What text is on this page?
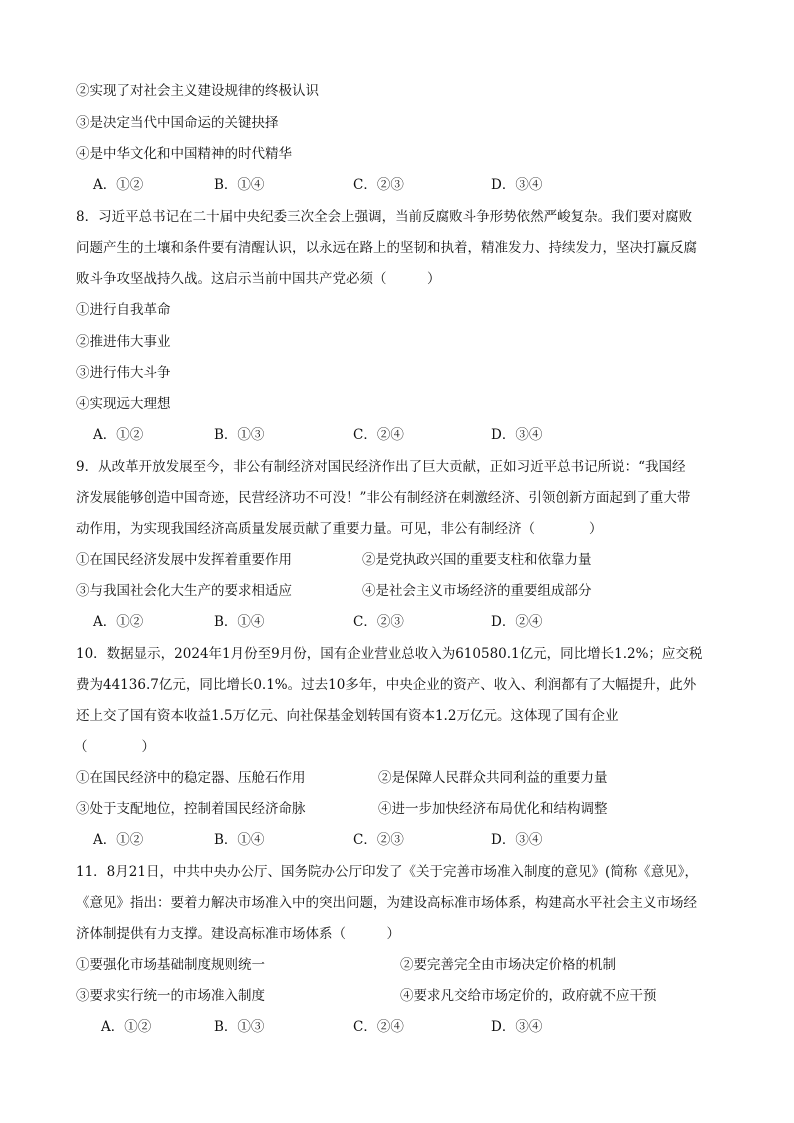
②实现了对社会主义建设规律的终极认识
③是决定当代中国命运的关键抉择
④是中华文化和中国精神的时代精华
A．①②	B．①④	C．②③	D．③④
8．习近平总书记在二十届中央纪委三次全会上强调，当前反腐败斗争形势依然严峻复杂。我们要对腐败
问题产生的土壤和条件要有清醒认识，以永远在路上的坚韧和执着，精准发力、持续发力，坚决打赢反腐
败斗争攻坚战持久战。这启示当前中国共产党必须（　　　）
①进行自我革命
②推进伟大事业
③进行伟大斗争
④实现远大理想
A．①②	B．①③	C．②④	D．③④
9．从改革开放发展至今，非公有制经济对国民经济作出了巨大贡献，正如习近平总书记所说：“我国经
济发展能够创造中国奇迹，民营经济功不可没！”非公有制经济在刺激经济、引领创新方面起到了重大带
动作用，为实现我国经济高质量发展贡献了重要力量。可见，非公有制经济（　　　　）
①在国民经济发展中发挥着重要作用	②是党执政兴国的重要支柱和依靠力量
③与我国社会化大生产的要求相适应	④是社会主义市场经济的重要组成部分
A．①②	B．①④	C．②③	D．②④
10．数据显示，2024年1月份至9月份，国有企业营业总收入为610580.1亿元，同比增长1.2%；应交税
费为44136.7亿元，同比增长0.1%。过去10多年，中央企业的资产、收入、利润都有了大幅提升，此外
还上交了国有资本收益1.5万亿元、向社保基金划转国有资本1.2万亿元。这体现了国有企业
（　　　　）
①在国民经济中的稳定器、压舱石作用	②是保障人民群众共同利益的重要力量
③处于支配地位，控制着国民经济命脉	④进一步加快经济布局优化和结构调整
A．①②	B．①④	C．②③	D．③④
11．8月21日，中共中央办公厅、国务院办公厅印发了《关于完善市场准入制度的意见》(简称《意见》，
《意见》指出：要着力解决市场准入中的突出问题，为建设高标准市场体系，构建高水平社会主义市场经
济体制提供有力支撑。建设高标准市场体系（　　　）
①要强化市场基础制度规则统一	②要完善完全由市场决定价格的机制
③要求实行统一的市场准入制度	④要求凡交给市场定价的，政府就不应干预
A．①②	B．①③	C．②④	D．③④
